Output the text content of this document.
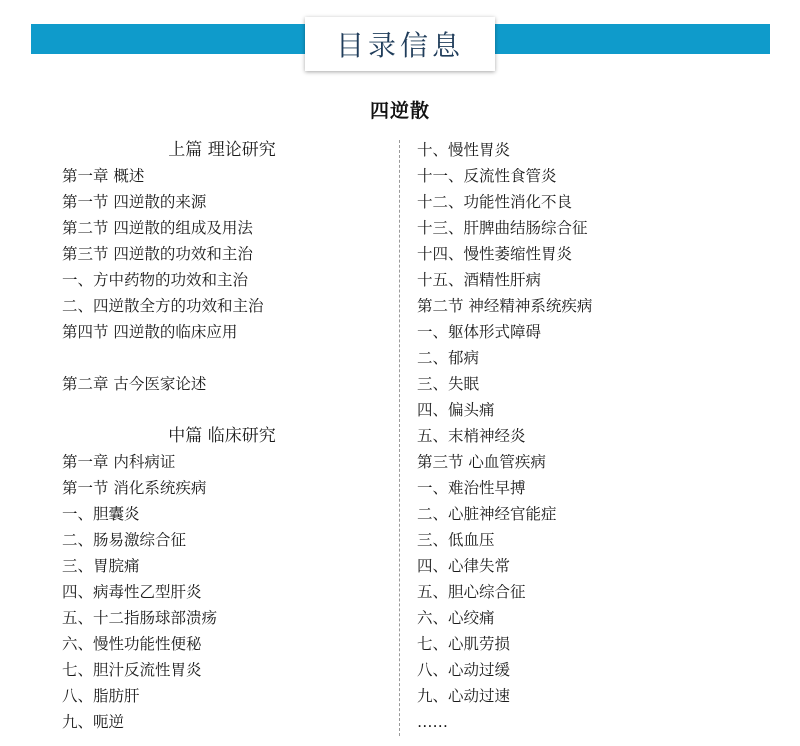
目录信息
四逆散
上篇 理论研究
第一章 概述
第一节 四逆散的来源
第二节 四逆散的组成及用法
第三节 四逆散的功效和主治
一、方中药物的功效和主治
二、四逆散全方的功效和主治
第四节 四逆散的临床应用
第二章 古今医家论述
中篇 临床研究
第一章 内科病证
第一节 消化系统疾病
一、胆囊炎
二、肠易激综合征
三、胃脘痛
四、病毒性乙型肝炎
五、十二指肠球部溃疡
六、慢性功能性便秘
七、胆汁反流性胃炎
八、脂肪肝
九、呃逆
十、慢性胃炎
十一、反流性食管炎
十二、功能性消化不良
十三、肝脾曲结肠综合征
十四、慢性萎缩性胃炎
十五、酒精性肝病
第二节 神经精神系统疾病
一、躯体形式障碍
二、郁病
三、失眠
四、偏头痛
五、末梢神经炎
第三节 心血管疾病
一、难治性早搏
二、心脏神经官能症
三、低血压
四、心律失常
五、胆心综合征
六、心绞痛
七、心肌劳损
八、心动过缓
九、心动过速
……
